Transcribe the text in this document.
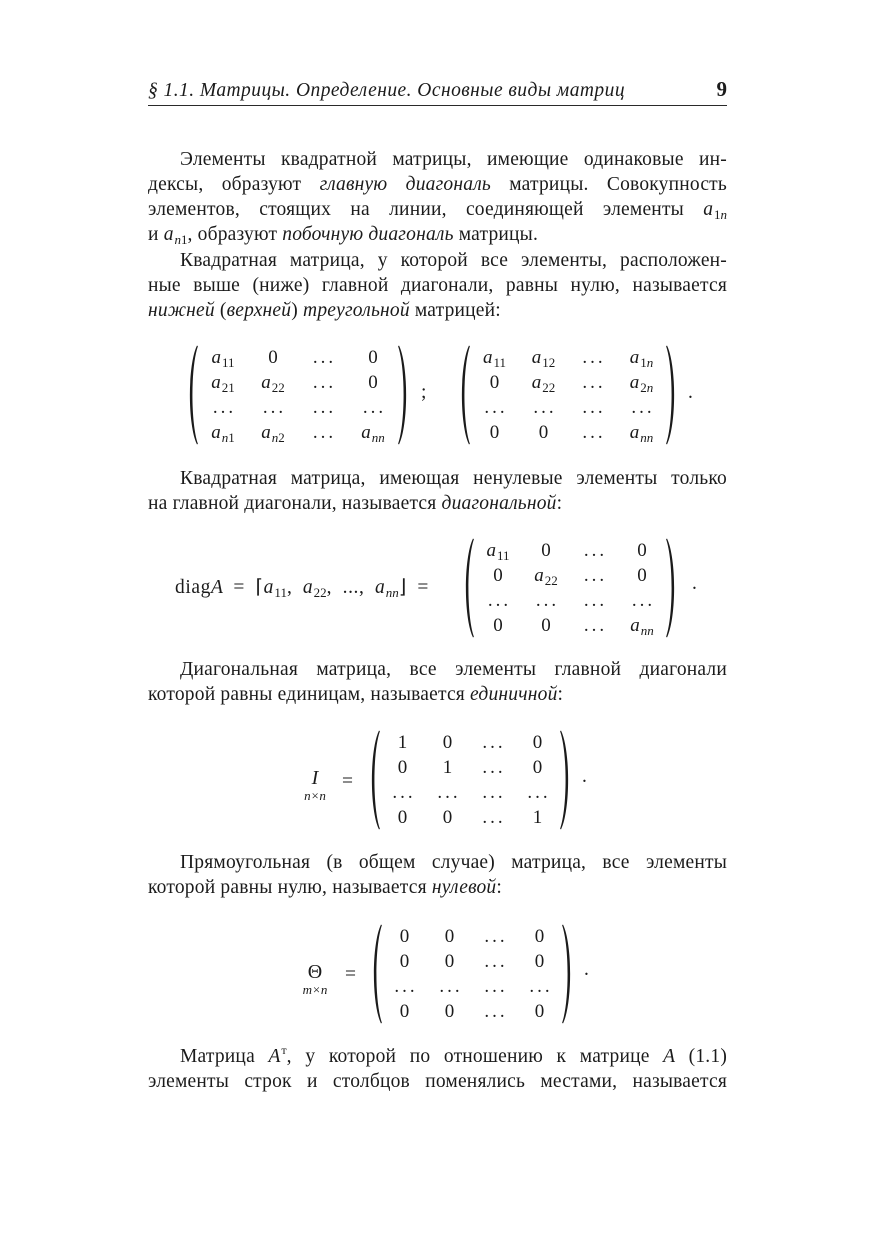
§ 1.1. Матрицы. Определение. Основные виды матриц	9
Элементы квадратной матрицы, имеющие одинаковые ин-
дексы, образуют главную диагональ матрицы. Совокупность
элементов, стоящих на линии, соединяющей элементы $a_{1n}$
и $a_{n1}$, образуют побочную диагональ матрицы.
Квадратная матрица, у которой все элементы, расположен-
ные выше (ниже) главной диагонали, равны нулю, называется
нижней (верхней) треугольной матрицей:
$a_{11}$ 0 ... 0
$a_{21}$ $a_{22}$ ... 0
... ... ... ...
$a_{n1}$ $a_{n2}$ ... $a_{nn}$
;
$a_{11}$ $a_{12}$ ... $a_{1n}$
0 $a_{22}$ ... $a_{2n}$
... ... ... ...
0 0 ... $a_{nn}$
.
Квадратная матрица, имеющая ненулевые элементы только
на главной диагонали, называется диагональной:
diagA = $⌈a_{11}$, $a_{22}$, ..., $a_{nn}⌋$ =
$a_{11}$ 0 ... 0
0 $a_{22}$ ... 0
... ... ... ...
0 0 ... $a_{nn}$
.
Диагональная матрица, все элементы главной диагонали
которой равны единицам, называется единичной:
I
n×n
=
1 0 ... 0
0 1 ... 0
... ... ... ...
0 0 ... 1
.
Прямоугольная (в общем случае) матрица, все элементы
которой равны нулю, называется нулевой:
Θ
m×n
=
0 0 ... 0
0 0 ... 0
... ... ... ...
0 0 ... 0
.
Матрица $A^т$, у которой по отношению к матрице A (1.1)
элементы строк и столбцов поменялись местами, называется
